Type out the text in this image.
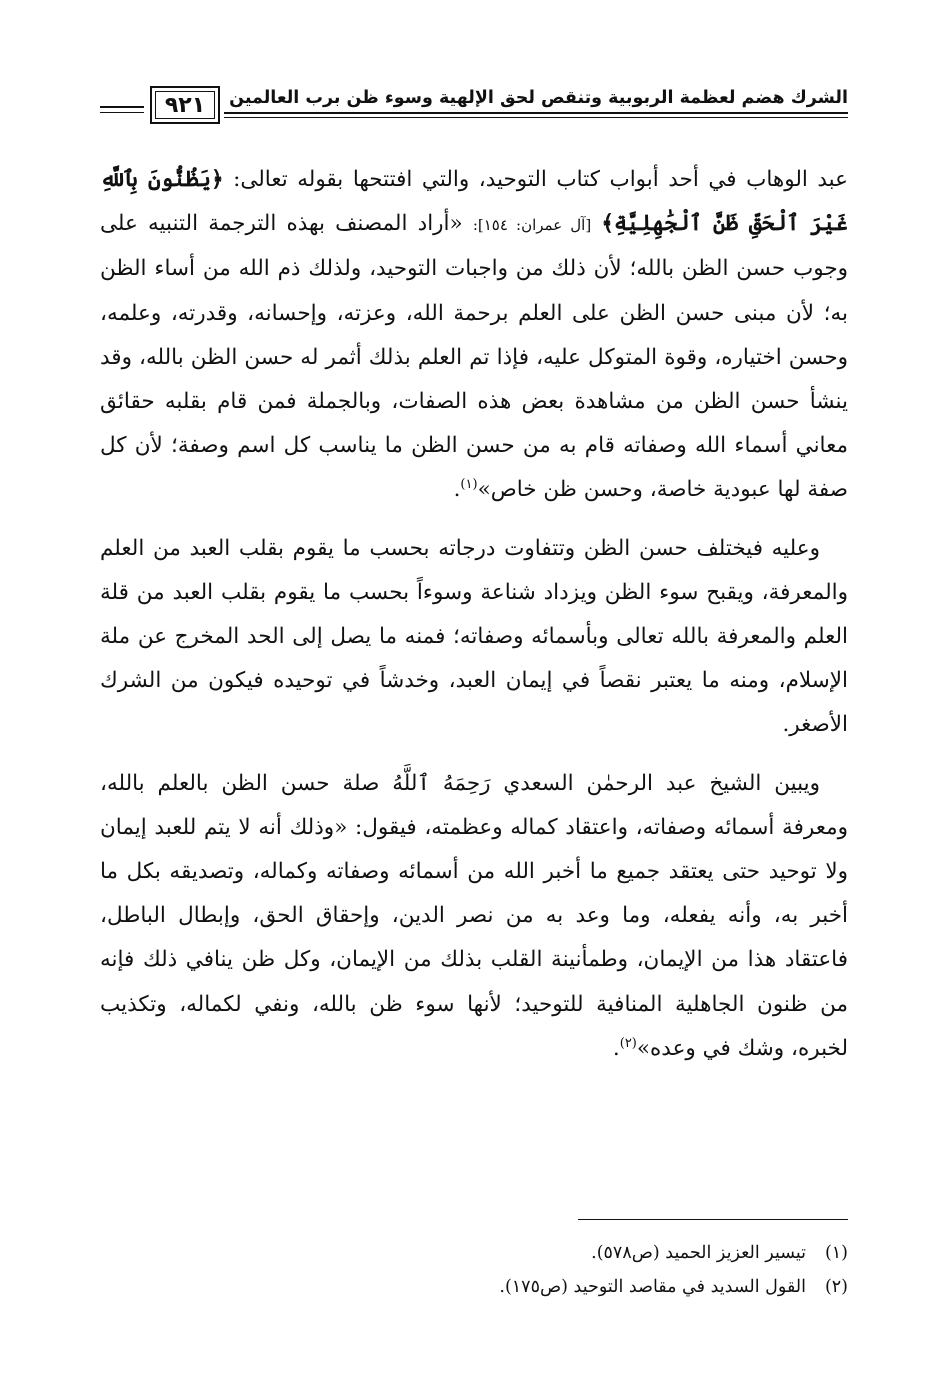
الشرك هضم لعظمة الربوبية وتنقص لحق الإلهية وسوء ظن برب العالمين
٩٢١

عبد الوهاب في أحد أبواب كتاب التوحيد، والتي افتتحها بقوله تعالى: ﴿يَظُنُّونَ بِٱللَّهِ غَيْرَ ٱلْحَقِّ ظَنَّ ٱلْجَٰهِلِيَّةِ﴾ [آل عمران: ١٥٤]: «أراد المصنف بهذه الترجمة التنبيه على وجوب حسن الظن بالله؛ لأن ذلك من واجبات التوحيد، ولذلك ذم الله من أساء الظن به؛ لأن مبنى حسن الظن على العلم برحمة الله، وعزته، وإحسانه، وقدرته، وعلمه، وحسن اختياره، وقوة المتوكل عليه، فإذا تم العلم بذلك أثمر له حسن الظن بالله، وقد ينشأ حسن الظن من مشاهدة بعض هذه الصفات، وبالجملة فمن قام بقلبه حقائق معاني أسماء الله وصفاته قام به من حسن الظن ما يناسب كل اسم وصفة؛ لأن كل صفة لها عبودية خاصة، وحسن ظن خاص»$^{(١)}$.

وعليه فيختلف حسن الظن وتتفاوت درجاته بحسب ما يقوم بقلب العبد من العلم والمعرفة، ويقبح سوء الظن ويزداد شناعة وسوءاً بحسب ما يقوم بقلب العبد من قلة العلم والمعرفة بالله تعالى وبأسمائه وصفاته؛ فمنه ما يصل إلى الحد المخرج عن ملة الإسلام، ومنه ما يعتبر نقصاً في إيمان العبد، وخدشاً في توحيده فيكون من الشرك الأصغر.

ويبين الشيخ عبد الرحمٰن السعدي رَحِمَهُ ٱللَّهُ صلة حسن الظن بالعلم بالله، ومعرفة أسمائه وصفاته، واعتقاد كماله وعظمته، فيقول: «وذلك أنه لا يتم للعبد إيمان ولا توحيد حتى يعتقد جميع ما أخبر الله من أسمائه وصفاته وكماله، وتصديقه بكل ما أخبر به، وأنه يفعله، وما وعد به من نصر الدين، وإحقاق الحق، وإبطال الباطل، فاعتقاد هذا من الإيمان، وطمأنينة القلب بذلك من الإيمان، وكل ظن ينافي ذلك فإنه من ظنون الجاهلية المنافية للتوحيد؛ لأنها سوء ظن بالله، ونفي لكماله، وتكذيب لخبره، وشك في وعده»$^{(٢)}$.

(١)تيسير العزيز الحميد (ص٥٧٨).
(٢)القول السديد في مقاصد التوحيد (ص١٧٥).
